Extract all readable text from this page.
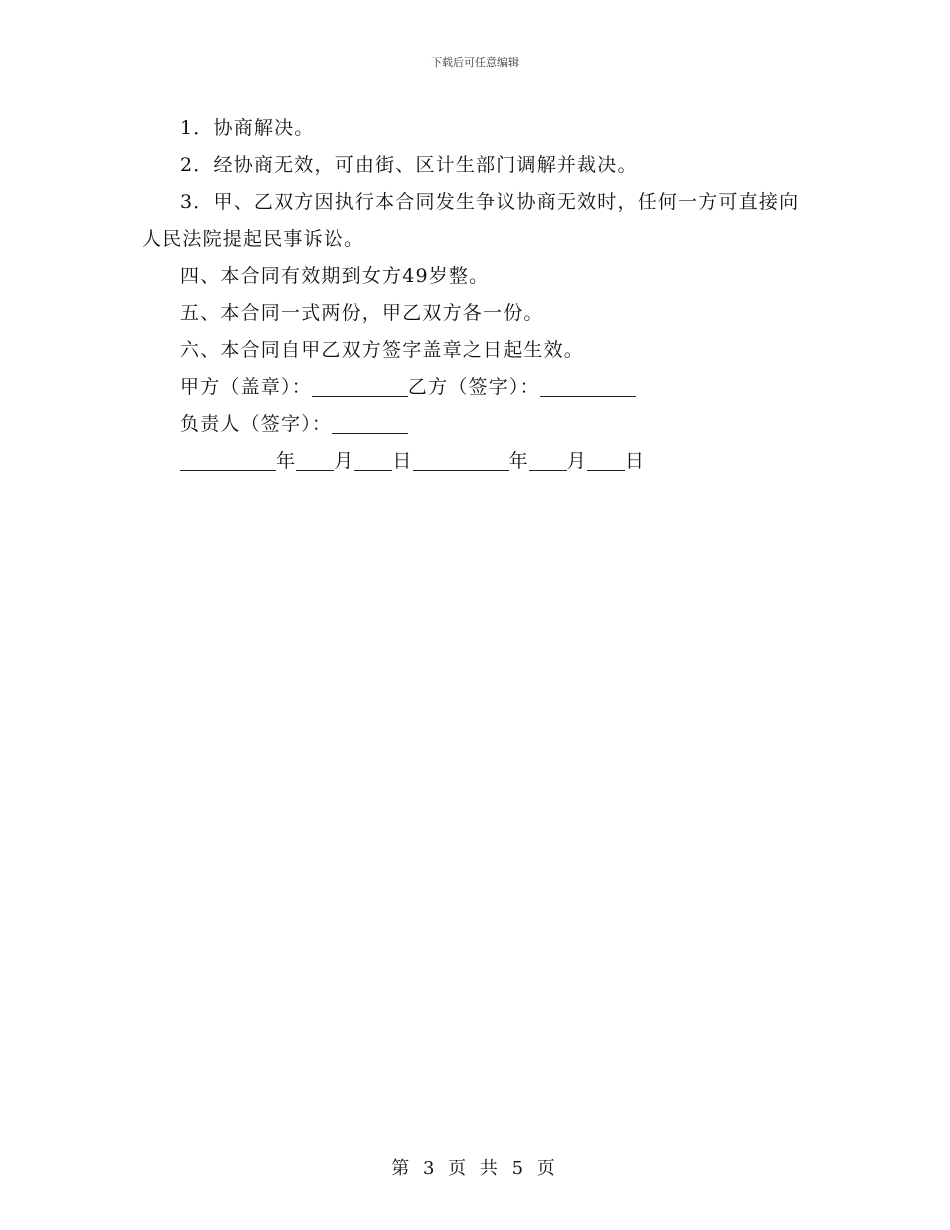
下载后可任意编辑

1．协商解决。

2．经协商无效，可由街、区计生部门调解并裁决。

3．甲、乙双方因执行本合同发生争议协商无效时，任何一方可直接向人民法院提起民事诉讼。

四、本合同有效期到女方49岁整。

五、本合同一式两份，甲乙双方各一份。

六、本合同自甲乙双方签字盖章之日起生效。

甲方（盖章）：	乙方（签字）：
负责人（签字）：
年 月 日	年 月 日
第 3 页 共 5 页
